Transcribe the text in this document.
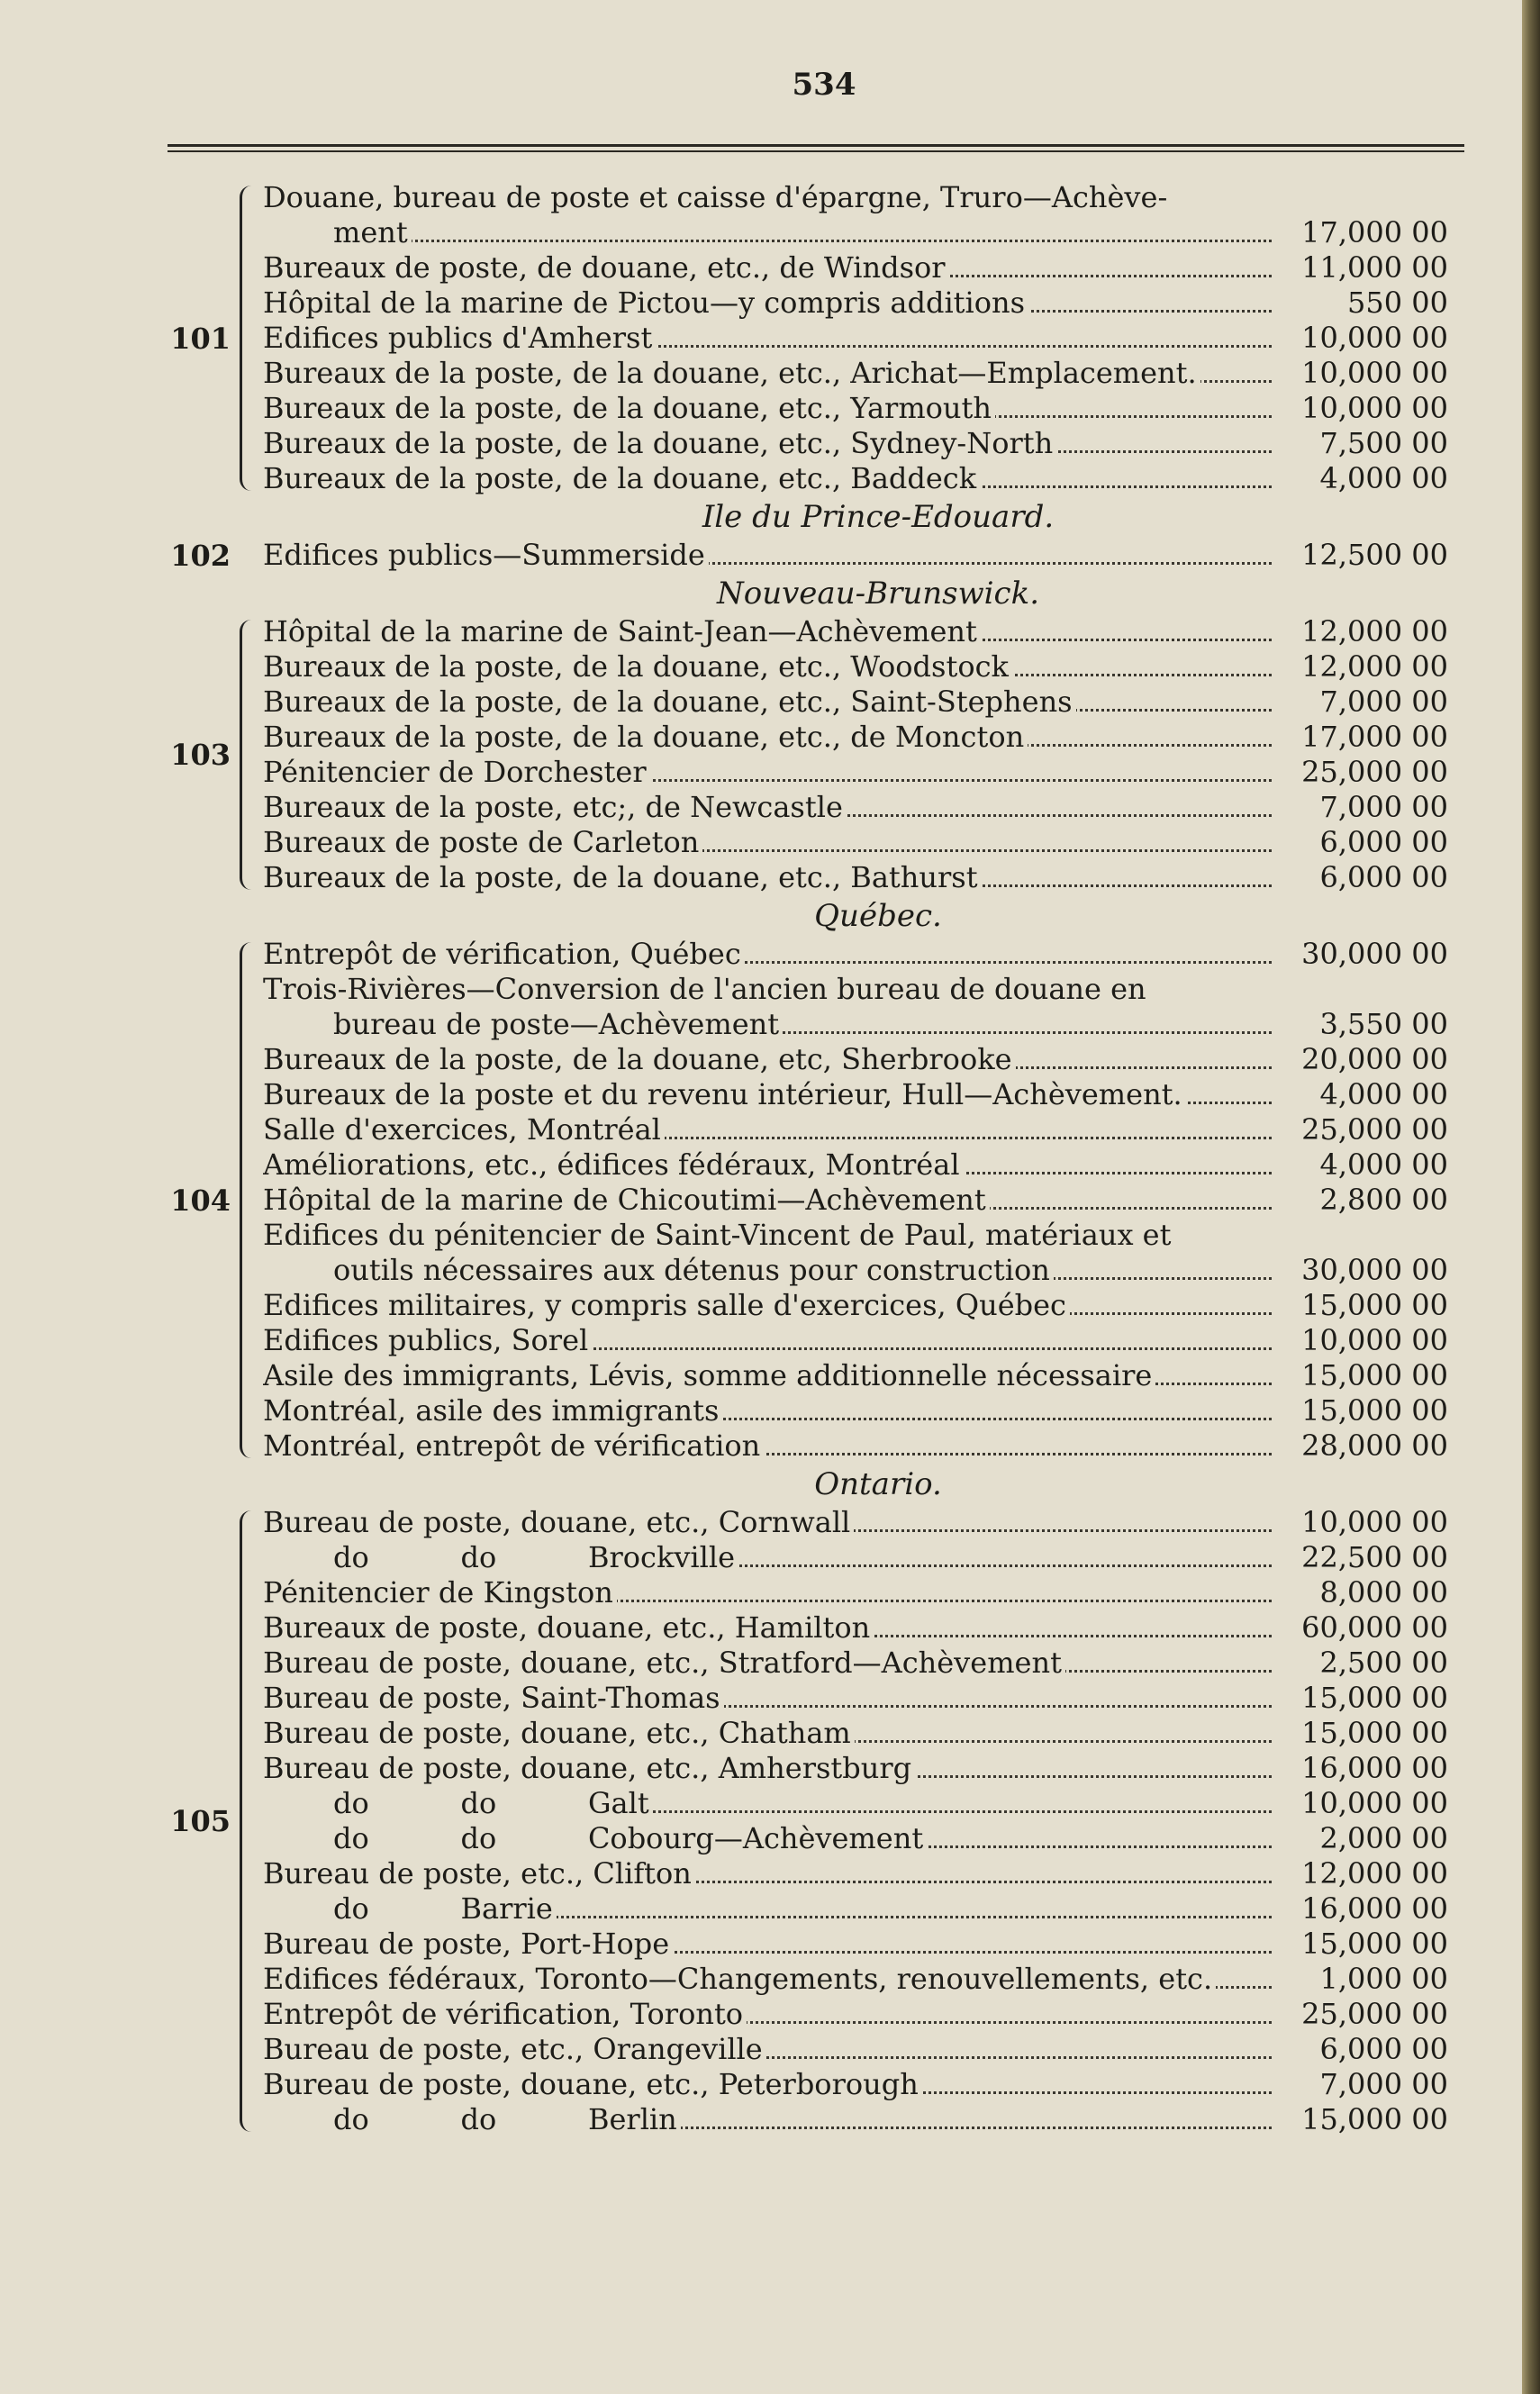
534
101
Douane, bureau de poste et caisse d'épargne, Truro—Achève-
ment	17,000 00
Bureaux de poste, de douane, etc., de Windsor	11,000 00
Hôpital de la marine de Pictou—y compris additions	550 00
Edifices publics d'Amherst	10,000 00
Bureaux de la poste, de la douane, etc., Arichat—Emplacement.	10,000 00
Bureaux de la poste, de la douane, etc., Yarmouth	10,000 00
Bureaux de la poste, de la douane, etc., Sydney-North	7,500 00
Bureaux de la poste, de la douane, etc., Baddeck	4,000 00
Ile du Prince-Edouard.
102 Edifices publics—Summerside	12,500 00
Nouveau-Brunswick.
103
Hôpital de la marine de Saint-Jean—Achèvement	12,000 00
Bureaux de la poste, de la douane, etc., Woodstock	12,000 00
Bureaux de la poste, de la douane, etc., Saint-Stephens	7,000 00
Bureaux de la poste, de la douane, etc., de Moncton	17,000 00
Pénitencier de Dorchester	25,000 00
Bureaux de la poste, etc;, de Newcastle	7,000 00
Bureaux de poste de Carleton	6,000 00
Bureaux de la poste, de la douane, etc., Bathurst	6,000 00
Québec.
104
Entrepôt de vérification, Québec	30,000 00
Trois-Rivières—Conversion de l'ancien bureau de douane en
bureau de poste—Achèvement	3,550 00
Bureaux de la poste, de la douane, etc, Sherbrooke	20,000 00
Bureaux de la poste et du revenu intérieur, Hull—Achèvement.	4,000 00
Salle d'exercices, Montréal	25,000 00
Améliorations, etc., édifices fédéraux, Montréal	4,000 00
Hôpital de la marine de Chicoutimi—Achèvement	2,800 00
Edifices du pénitencier de Saint-Vincent de Paul, matériaux et
outils nécessaires aux détenus pour construction	30,000 00
Edifices militaires, y compris salle d'exercices, Québec	15,000 00
Edifices publics, Sorel	10,000 00
Asile des immigrants, Lévis, somme additionnelle nécessaire	15,000 00
Montréal, asile des immigrants	15,000 00
Montréal, entrepôt de vérification	28,000 00
Ontario.
105
Bureau de poste, douane, etc., Cornwall	10,000 00
do          do          Brockville	22,500 00
Pénitencier de Kingston	8,000 00
Bureaux de poste, douane, etc., Hamilton	60,000 00
Bureau de poste, douane, etc., Stratford—Achèvement	2,500 00
Bureau de poste, Saint-Thomas	15,000 00
Bureau de poste, douane, etc., Chatham	15,000 00
Bureau de poste, douane, etc., Amherstburg	16,000 00
do          do          Galt	10,000 00
do          do          Cobourg—Achèvement	2,000 00
Bureau de poste, etc., Clifton	12,000 00
do          Barrie	16,000 00
Bureau de poste, Port-Hope	15,000 00
Edifices fédéraux, Toronto—Changements, renouvellements, etc.	1,000 00
Entrepôt de vérification, Toronto	25,000 00
Bureau de poste, etc., Orangeville	6,000 00
Bureau de poste, douane, etc., Peterborough	7,000 00
do          do          Berlin	15,000 00
